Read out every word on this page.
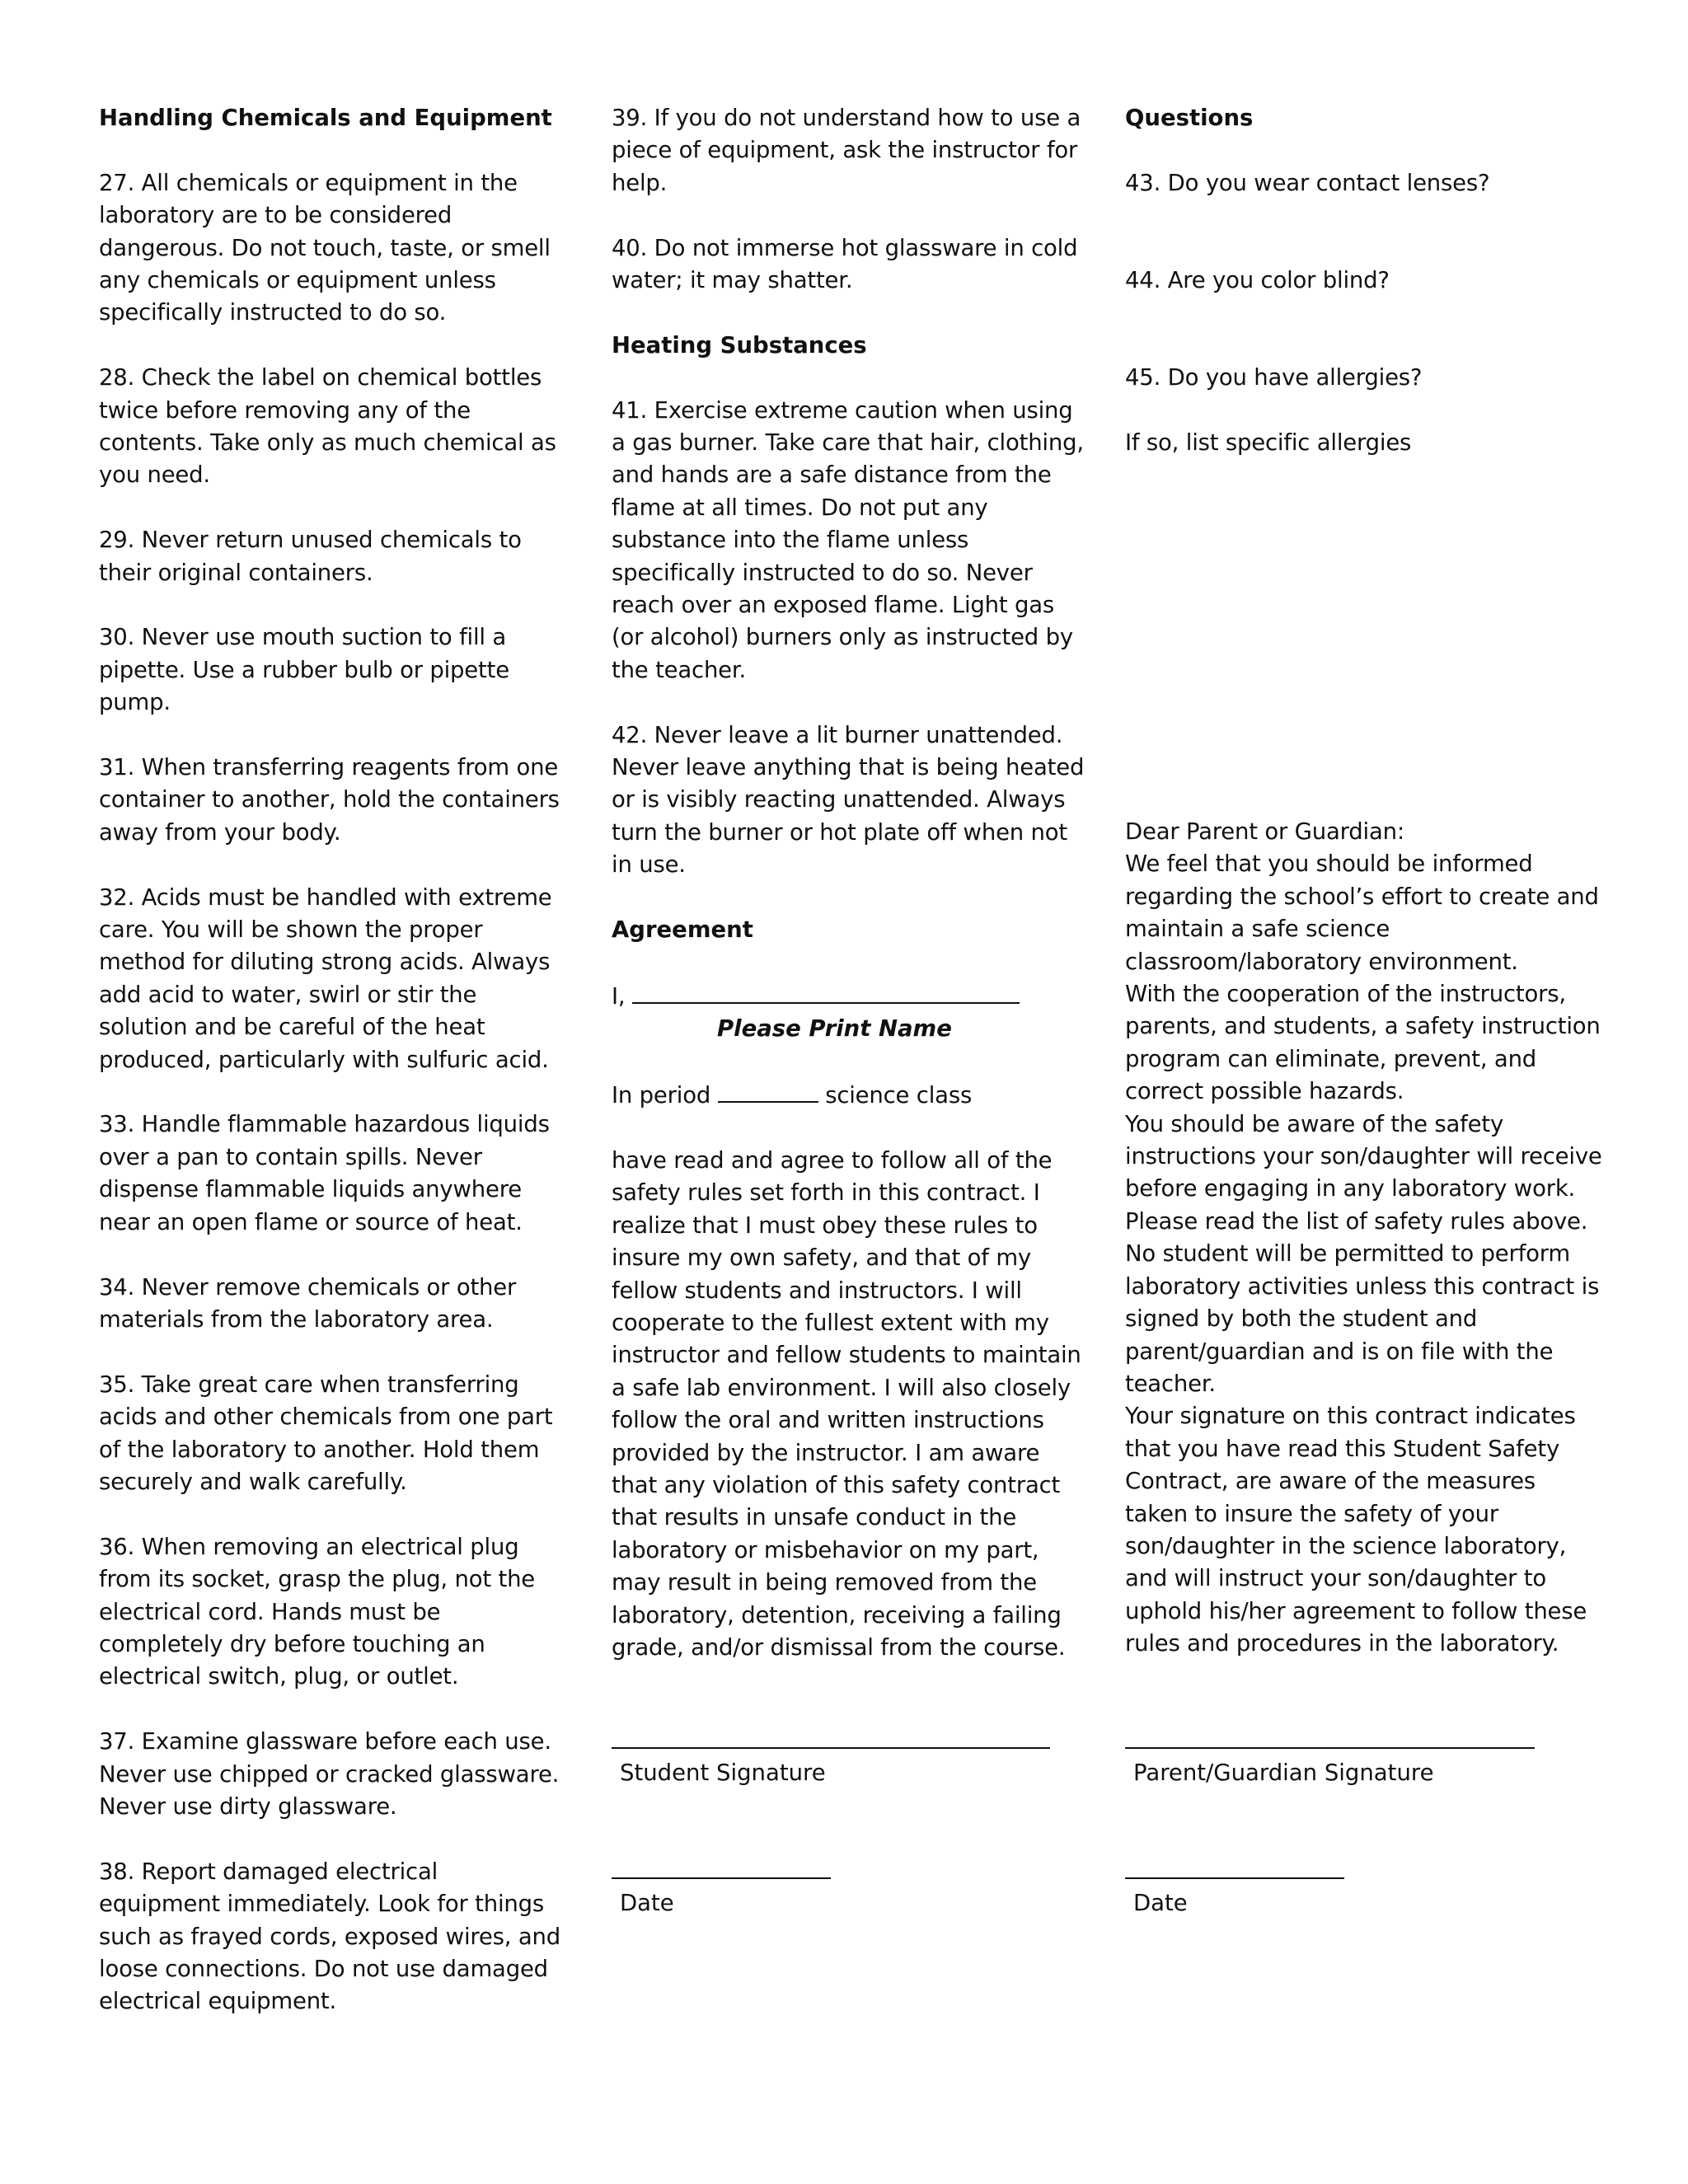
Handling Chemicals and Equipment

27. All chemicals or equipment in the laboratory are to be considered dangerous. Do not touch, taste, or smell any chemicals or equipment unless specifically instructed to do so.

28. Check the label on chemical bottles twice before removing any of the contents. Take only as much chemical as you need.

29. Never return unused chemicals to their original containers.

30. Never use mouth suction to fill a pipette. Use a rubber bulb or pipette pump.

31. When transferring reagents from one container to another, hold the containers away from your body.

32. Acids must be handled with extreme care. You will be shown the proper method for diluting strong acids. Always add acid to water, swirl or stir the solution and be careful of the heat produced, particularly with sulfuric acid.

33. Handle flammable hazardous liquids over a pan to contain spills. Never dispense flammable liquids anywhere near an open flame or source of heat.

34. Never remove chemicals or other materials from the laboratory area.

35. Take great care when transferring acids and other chemicals from one part of the laboratory to another. Hold them securely and walk carefully.

36. When removing an electrical plug from its socket, grasp the plug, not the electrical cord. Hands must be completely dry before touching an electrical switch, plug, or outlet.

37. Examine glassware before each use. Never use chipped or cracked glassware. Never use dirty glassware.

38. Report damaged electrical equipment immediately. Look for things such as frayed cords, exposed wires, and loose connections. Do not use damaged electrical equipment.

39. If you do not understand how to use a piece of equipment, ask the instructor for help.

40. Do not immerse hot glassware in cold water; it may shatter.

Heating Substances

41. Exercise extreme caution when using a gas burner. Take care that hair, clothing, and hands are a safe distance from the flame at all times. Do not put any substance into the flame unless specifically instructed to do so. Never reach over an exposed flame. Light gas (or alcohol) burners only as instructed by the teacher.

42. Never leave a lit burner unattended. Never leave anything that is being heated or is visibly reacting unattended. Always turn the burner or hot plate off when not in use.

Agreement

I,

Please Print Name

In period	science class

have read and agree to follow all of the safety rules set forth in this contract. I realize that I must obey these rules to insure my own safety, and that of my fellow students and instructors. I will cooperate to the fullest extent with my instructor and fellow students to maintain a safe lab environment. I will also closely follow the oral and written instructions provided by the instructor. I am aware that any violation of this safety contract that results in unsafe conduct in the laboratory or misbehavior on my part, may result in being removed from the laboratory, detention, receiving a failing grade, and/or dismissal from the course.

Student Signature

Date

Questions

43. Do you wear contact lenses?

44. Are you color blind?

45. Do you have allergies?

If so, list specific allergies

Dear Parent or Guardian:

We feel that you should be informed regarding the school’s effort to create and maintain a safe science classroom/laboratory environment.

With the cooperation of the instructors, parents, and students, a safety instruction program can eliminate, prevent, and correct possible hazards.

You should be aware of the safety instructions your son/daughter will receive before engaging in any laboratory work. Please read the list of safety rules above. No student will be permitted to perform laboratory activities unless this contract is signed by both the student and parent/guardian and is on file with the teacher.

Your signature on this contract indicates that you have read this Student Safety Contract, are aware of the measures taken to insure the safety of your son/daughter in the science laboratory, and will instruct your son/daughter to uphold his/her agreement to follow these rules and procedures in the laboratory.

Parent/Guardian Signature

Date
